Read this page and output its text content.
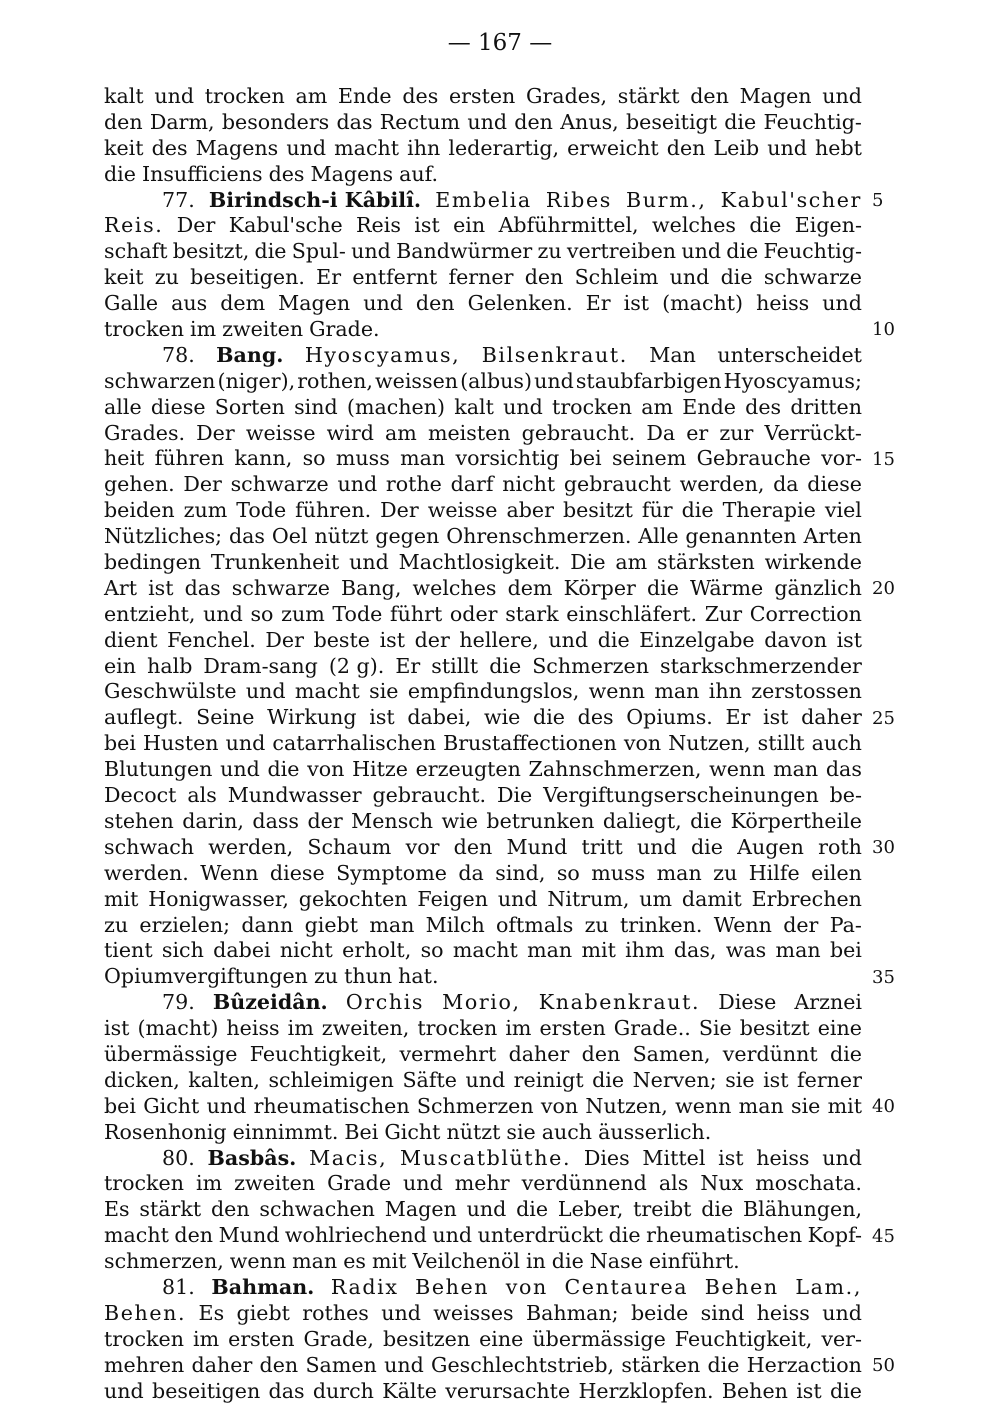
— 167 —
kalt und trocken am Ende des ersten Grades, stärkt den Magen und
den Darm, besonders das Rectum und den Anus, beseitigt die Feuchtig-
keit des Magens und macht ihn lederartig, erweicht den Leib und hebt
die Insufficiens des Magens auf.
77. Birindsch-i Kâbilî. Embelia Ribes Burm., Kabul'scher
Reis. Der Kabul'sche Reis ist ein Abführmittel, welches die Eigen-
schaft besitzt, die Spul- und Bandwürmer zu vertreiben und die Feuchtig-
keit zu beseitigen. Er entfernt ferner den Schleim und die schwarze
Galle aus dem Magen und den Gelenken. Er ist (macht) heiss und
trocken im zweiten Grade.
78. Bang. Hyoscyamus, Bilsenkraut. Man unterscheidet
schwarzen (niger), rothen, weissen (albus) und staubfarbigen Hyoscyamus;
alle diese Sorten sind (machen) kalt und trocken am Ende des dritten
Grades. Der weisse wird am meisten gebraucht. Da er zur Verrückt-
heit führen kann, so muss man vorsichtig bei seinem Gebrauche vor-
gehen. Der schwarze und rothe darf nicht gebraucht werden, da diese
beiden zum Tode führen. Der weisse aber besitzt für die Therapie viel
Nützliches; das Oel nützt gegen Ohrenschmerzen. Alle genannten Arten
bedingen Trunkenheit und Machtlosigkeit. Die am stärksten wirkende
Art ist das schwarze Bang, welches dem Körper die Wärme gänzlich
entzieht, und so zum Tode führt oder stark einschläfert. Zur Correction
dient Fenchel. Der beste ist der hellere, und die Einzelgabe davon ist
ein halb Dram-sang (2 g). Er stillt die Schmerzen starkschmerzender
Geschwülste und macht sie empfindungslos, wenn man ihn zerstossen
auflegt. Seine Wirkung ist dabei, wie die des Opiums. Er ist daher
bei Husten und catarrhalischen Brustaffectionen von Nutzen, stillt auch
Blutungen und die von Hitze erzeugten Zahnschmerzen, wenn man das
Decoct als Mundwasser gebraucht. Die Vergiftungserscheinungen be-
stehen darin, dass der Mensch wie betrunken daliegt, die Körpertheile
schwach werden, Schaum vor den Mund tritt und die Augen roth
werden. Wenn diese Symptome da sind, so muss man zu Hilfe eilen
mit Honigwasser, gekochten Feigen und Nitrum, um damit Erbrechen
zu erzielen; dann giebt man Milch oftmals zu trinken. Wenn der Pa-
tient sich dabei nicht erholt, so macht man mit ihm das, was man bei
Opiumvergiftungen zu thun hat.
79. Bûzeidân. Orchis Morio, Knabenkraut. Diese Arznei
ist (macht) heiss im zweiten, trocken im ersten Grade.. Sie besitzt eine
übermässige Feuchtigkeit, vermehrt daher den Samen, verdünnt die
dicken, kalten, schleimigen Säfte und reinigt die Nerven; sie ist ferner
bei Gicht und rheumatischen Schmerzen von Nutzen, wenn man sie mit
Rosenhonig einnimmt. Bei Gicht nützt sie auch äusserlich.
80. Basbâs. Macis, Muscatblüthe. Dies Mittel ist heiss und
trocken im zweiten Grade und mehr verdünnend als Nux moschata.
Es stärkt den schwachen Magen und die Leber, treibt die Blähungen,
macht den Mund wohlriechend und unterdrückt die rheumatischen Kopf-
schmerzen, wenn man es mit Veilchenöl in die Nase einführt.
81. Bahman. Radix Behen von Centaurea Behen Lam.,
Behen. Es giebt rothes und weisses Bahman; beide sind heiss und
trocken im ersten Grade, besitzen eine übermässige Feuchtigkeit, ver-
mehren daher den Samen und Geschlechtstrieb, stärken die Herzaction
und beseitigen das durch Kälte verursachte Herzklopfen. Behen ist die
5
10
15
20
25
30
35
40
45
50
